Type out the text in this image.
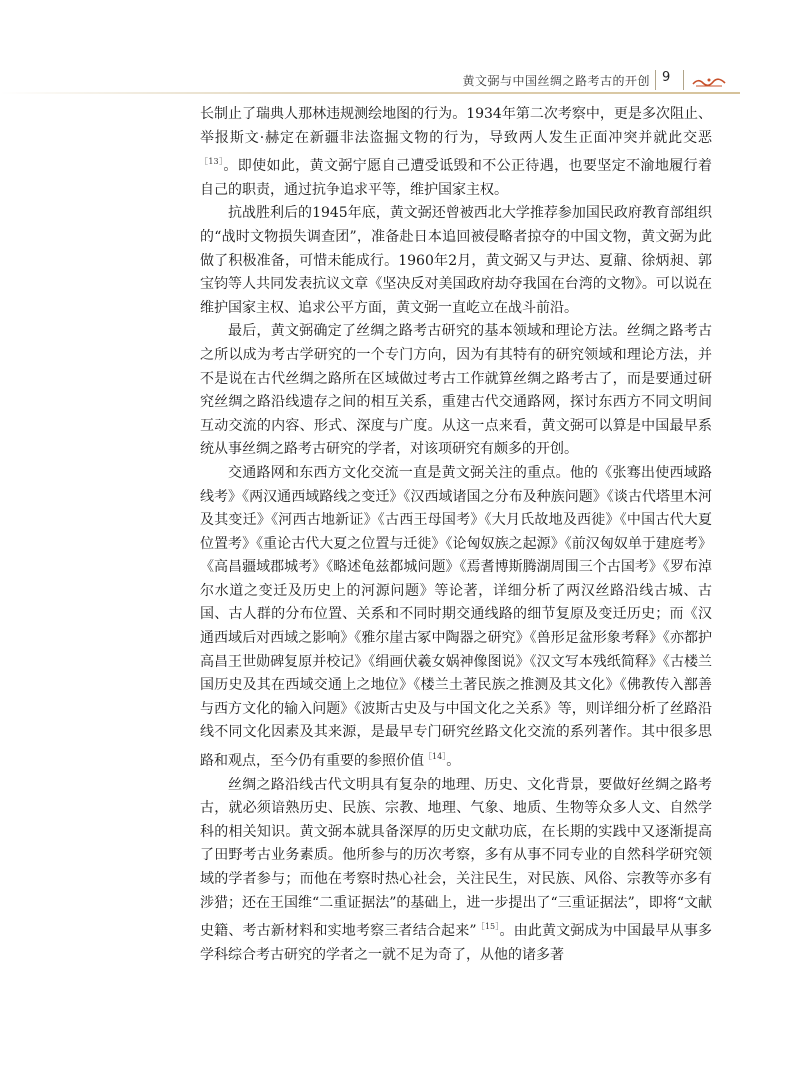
黄文弼与中国丝绸之路考古的开创 9

长制止了瑞典人那林违规测绘地图的行为。1934年第二次考察中，更是多次阻止、举报斯文·赫定在新疆非法盗掘文物的行为，导致两人发生正面冲突并就此交恶$^{[13]}$。即使如此，黄文弼宁愿自己遭受诋毁和不公正待遇，也要坚定不渝地履行着自己的职责，通过抗争追求平等，维护国家主权。

抗战胜利后的1945年底，黄文弼还曾被西北大学推荐参加国民政府教育部组织的“战时文物损失调查团”，准备赴日本追回被侵略者掠夺的中国文物，黄文弼为此做了积极准备，可惜未能成行。1960年2月，黄文弼又与尹达、夏鼐、徐炳昶、郭宝钧等人共同发表抗议文章《坚决反对美国政府劫夺我国在台湾的文物》。可以说在维护国家主权、追求公平方面，黄文弼一直屹立在战斗前沿。

最后，黄文弼确定了丝绸之路考古研究的基本领域和理论方法。丝绸之路考古之所以成为考古学研究的一个专门方向，因为有其特有的研究领域和理论方法，并不是说在古代丝绸之路所在区域做过考古工作就算丝绸之路考古了，而是要通过研究丝绸之路沿线遗存之间的相互关系，重建古代交通路网，探讨东西方不同文明间互动交流的内容、形式、深度与广度。从这一点来看，黄文弼可以算是中国最早系统从事丝绸之路考古研究的学者，对该项研究有颇多的开创。

交通路网和东西方文化交流一直是黄文弼关注的重点。他的《张骞出使西域路线考》《两汉通西域路线之变迁》《汉西域诸国之分布及种族问题》《谈古代塔里木河及其变迁》《河西古地新证》《古西王母国考》《大月氏故地及西徙》《中国古代大夏位置考》《重论古代大夏之位置与迁徙》《论匈奴族之起源》《前汉匈奴单于建庭考》《高昌疆域郡城考》《略述龟兹都城问题》《焉耆博斯腾湖周围三个古国考》《罗布淖尔水道之变迁及历史上的河源问题》等论著，详细分析了两汉丝路沿线古城、古国、古人群的分布位置、关系和不同时期交通线路的细节复原及变迁历史；而《汉通西域后对西域之影响》《雅尔崖古冢中陶器之研究》《兽形足盆形象考释》《亦都护高昌王世勋碑复原并校记》《绢画伏羲女娲神像图说》《汉文写本残纸简释》《古楼兰国历史及其在西域交通上之地位》《楼兰土著民族之推测及其文化》《佛教传入鄯善与西方文化的输入问题》《波斯古史及与中国文化之关系》等，则详细分析了丝路沿线不同文化因素及其来源，是最早专门研究丝路文化交流的系列著作。其中很多思路和观点，至今仍有重要的参照价值$^{[14]}$。

丝绸之路沿线古代文明具有复杂的地理、历史、文化背景，要做好丝绸之路考古，就必须谙熟历史、民族、宗教、地理、气象、地质、生物等众多人文、自然学科的相关知识。黄文弼本就具备深厚的历史文献功底，在长期的实践中又逐渐提高了田野考古业务素质。他所参与的历次考察，多有从事不同专业的自然科学研究领域的学者参与；而他在考察时热心社会，关注民生，对民族、风俗、宗教等亦多有涉猎；还在王国维“二重证据法”的基础上，进一步提出了“三重证据法”，即将“文献史籍、考古新材料和实地考察三者结合起来”$^{[15]}$。由此黄文弼成为中国最早从事多学科综合考古研究的学者之一就不足为奇了，从他的诸多著
